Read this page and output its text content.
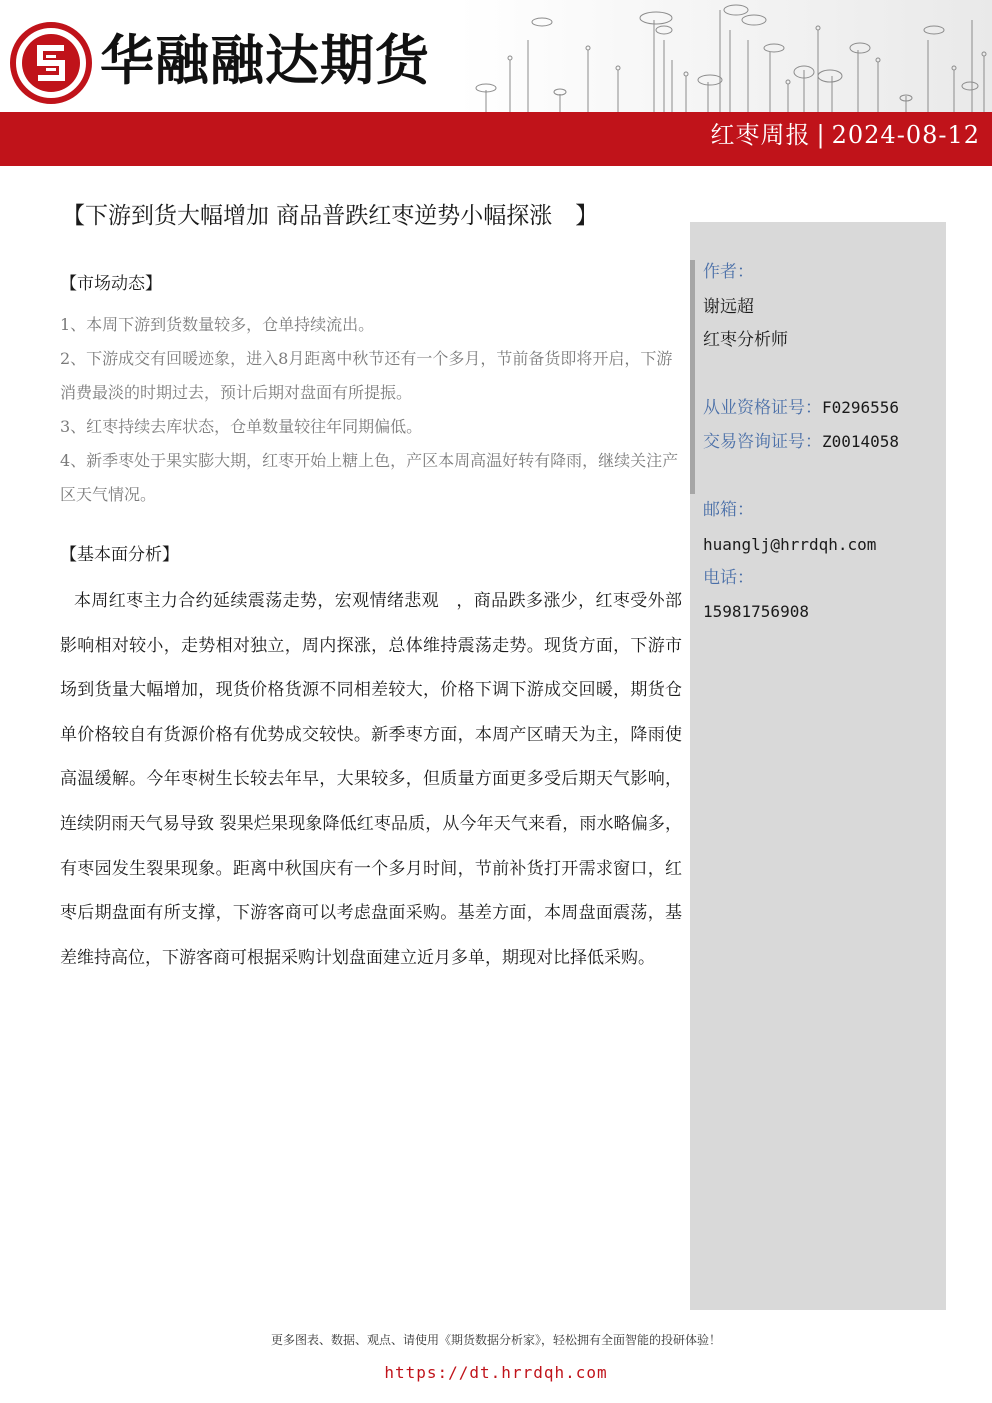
华融融达期货
红枣周报 | 2024-08-12
【下游到货大幅增加 商品普跌红枣逆势小幅探涨　】
【市场动态】
1、本周下游到货数量较多，仓单持续流出。
2、下游成交有回暖迹象，进入8月距离中秋节还有一个多月，节前备货即将开启，下游消费最淡的时期过去，预计后期对盘面有所提振。
3、红枣持续去库状态，仓单数量较往年同期偏低。
4、新季枣处于果实膨大期，红枣开始上糖上色，产区本周高温好转有降雨，继续关注产区天气情况。
【基本面分析】

本周红枣主力合约延续震荡走势，宏观情绪悲观　，商品跌多涨少，红枣受外部影响相对较小，走势相对独立，周内探涨，总体维持震荡走势。现货方面，下游市场到货量大幅增加，现货价格货源不同相差较大，价格下调下游成交回暖，期货仓单价格较自有货源价格有优势成交较快。新季枣方面，本周产区晴天为主，降雨使高温缓解。今年枣树生长较去年早，大果较多，但质量方面更多受后期天气影响，连续阴雨天气易导致 裂果烂果现象降低红枣品质，从今年天气来看，雨水略偏多，有枣园发生裂果现象。距离中秋国庆有一个多月时间，节前补货打开需求窗口，红枣后期盘面有所支撑，下游客商可以考虑盘面采购。基差方面，本周盘面震荡，基差维持高位，下游客商可根据采购计划盘面建立近月多单，期现对比择低采购。

作者：
谢远超
红枣分析师
从业资格证号：F0296556
交易咨询证号：Z0014058
邮箱：
huanglj@hrrdqh.com
电话：
15981756908
更多图表、数据、观点、请使用《期货数据分析家》，轻松拥有全面智能的投研体验！
https://dt.hrrdqh.com
